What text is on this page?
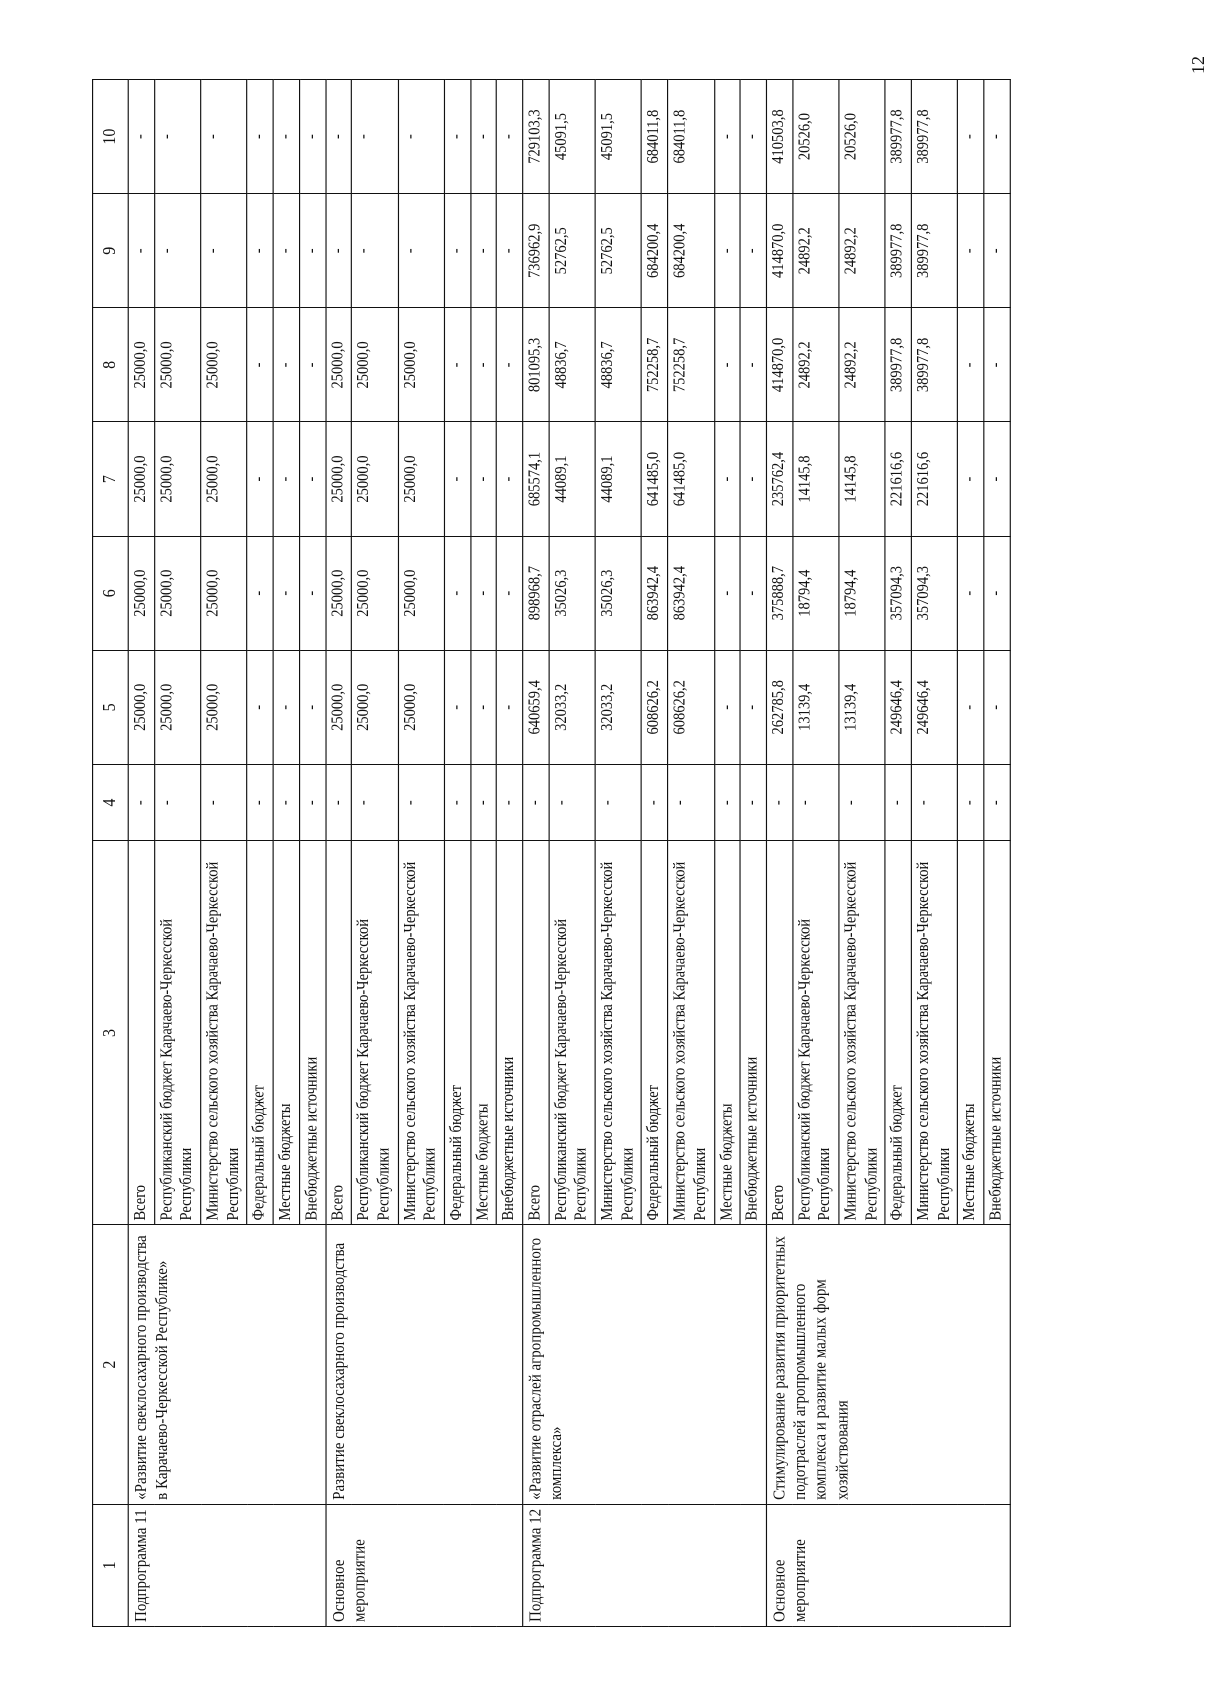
12
1	2	3	4	5	6	7	8	9	10
Подпрограмма 11	«Развитие свеклосахарного производства в Карачаево-Черкесской Республике»	Всего	-	25000,0	25000,0	25000,0	25000,0	-	-
		Республиканский бюджет Карачаево-Черкесской Республики	-	25000,0	25000,0	25000,0	25000,0	-	-
		Министерство сельского хозяйства Карачаево-Черкесской Республики	-	25000,0	25000,0	25000,0	25000,0	-	-
		Федеральный бюджет	-	-	-	-	-	-	-
		Местные бюджеты	-	-	-	-	-	-	-
		Внебюджетные источники	-	-	-	-	-	-	-
Основное мероприятие	Развитие свеклосахарного производства	Всего	-	25000,0	25000,0	25000,0	25000,0	-	-
		Республиканский бюджет Карачаево-Черкесской Республики	-	25000,0	25000,0	25000,0	25000,0	-	-
		Министерство сельского хозяйства Карачаево-Черкесской Республики	-	25000,0	25000,0	25000,0	25000,0	-	-
		Федеральный бюджет	-	-	-	-	-	-	-
		Местные бюджеты	-	-	-	-	-	-	-
		Внебюджетные источники	-	-	-	-	-	-	-
Подпрограмма 12	«Развитие отраслей агропромышленного комплекса»	Всего	-	640659,4	898968,7	685574,1	801095,3	736962,9	729103,3
		Республиканский бюджет Карачаево-Черкесской Республики	-	32033,2	35026,3	44089,1	48836,7	52762,5	45091,5
		Министерство сельского хозяйства Карачаево-Черкесской Республики	-	32033,2	35026,3	44089,1	48836,7	52762,5	45091,5
		Федеральный бюджет	-	608626,2	863942,4	641485,0	752258,7	684200,4	684011,8
		Министерство сельского хозяйства Карачаево-Черкесской Республики	-	608626,2	863942,4	641485,0	752258,7	684200,4	684011,8
		Местные бюджеты	-	-	-	-	-	-	-
		Внебюджетные источники	-	-	-	-	-	-	-
Основное мероприятие	Стимулирование развития приоритетных подотраслей агропромышленного комплекса и развитие малых форм хозяйствования	Всего	-	262785,8	375888,7	235762,4	414870,0	414870,0	410503,8
		Республиканский бюджет Карачаево-Черкесской Республики	-	13139,4	18794,4	14145,8	24892,2	24892,2	20526,0
		Министерство сельского хозяйства Карачаево-Черкесской Республики	-	13139,4	18794,4	14145,8	24892,2	24892,2	20526,0
		Федеральный бюджет	-	249646,4	357094,3	221616,6	389977,8	389977,8	389977,8
		Министерство сельского хозяйства Карачаево-Черкесской Республики	-	249646,4	357094,3	221616,6	389977,8	389977,8	389977,8
		Местные бюджеты	-	-	-	-	-	-	-
		Внебюджетные источники	-	-	-	-	-	-	-
